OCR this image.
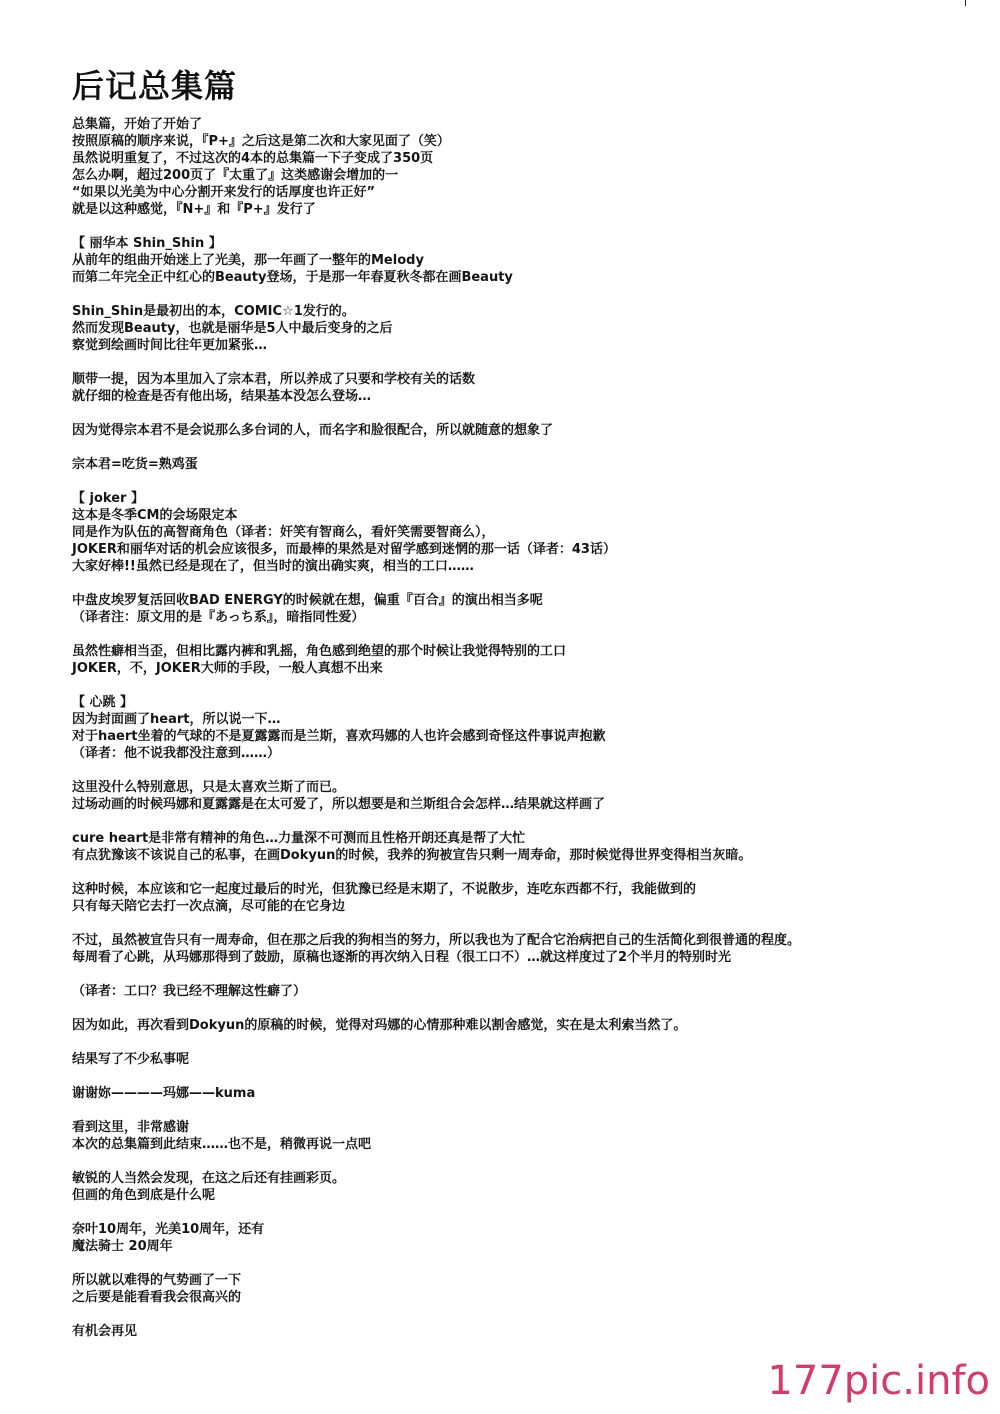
后记总集篇
总集篇，开始了开始了
按照原稿的顺序来说，『P+』之后这是第二次和大家见面了（笑）
虽然说明重复了，不过这次的4本的总集篇一下子变成了350页
怎么办啊，超过200页了『太重了』这类感谢会增加的一
“如果以光美为中心分割开来发行的话厚度也许正好”
就是以这种感觉，『N+』和『P+』发行了
【 丽华本 Shin_Shin 】
从前年的组曲开始迷上了光美，那一年画了一整年的Melody
而第二年完全正中红心的Beauty登场，于是那一年春夏秋冬都在画Beauty
Shin_Shin是最初出的本，COMIC☆1发行的。
然而发现Beauty，也就是丽华是5人中最后变身的之后
察觉到绘画时间比往年更加紧张…
顺带一提，因为本里加入了宗本君，所以养成了只要和学校有关的话数
就仔细的检查是否有他出场，结果基本没怎么登场…
因为觉得宗本君不是会说那么多台词的人，而名字和脸很配合，所以就随意的想象了
宗本君=吃货=熟鸡蛋
【 joker 】
这本是冬季CM的会场限定本
同是作为队伍的高智商角色（译者：奸笑有智商么，看奸笑需要智商么），
JOKER和丽华对话的机会应该很多，而最棒的果然是对留学感到迷惘的那一话（译者：43话）
大家好棒!!虽然已经是现在了，但当时的演出确实爽，相当的工口……
中盘皮埃罗复活回收BAD ENERGY的时候就在想，偏重『百合』的演出相当多呢
（译者注：原文用的是『あっち系』，暗指同性爱）
虽然性癖相当歪，但相比露内裤和乳摇，角色感到绝望的那个时候让我觉得特别的工口
JOKER，不，JOKER大师的手段，一般人真想不出来
【 心跳 】
因为封面画了heart，所以说一下…
对于haert坐着的气球的不是夏露露而是兰斯，喜欢玛娜的人也许会感到奇怪这件事说声抱歉
（译者：他不说我都没注意到……）
这里没什么特别意思，只是太喜欢兰斯了而已。
过场动画的时候玛娜和夏露露是在太可爱了，所以想要是和兰斯组合会怎样…结果就这样画了
cure heart是非常有精神的角色…力量深不可测而且性格开朗还真是帮了大忙
有点犹豫该不该说自己的私事，在画Dokyun的时候，我养的狗被宣告只剩一周寿命，那时候觉得世界变得相当灰暗。
这种时候，本应该和它一起度过最后的时光，但犹豫已经是末期了，不说散步，连吃东西都不行，我能做到的
只有每天陪它去打一次点滴，尽可能的在它身边
不过，虽然被宣告只有一周寿命，但在那之后我的狗相当的努力，所以我也为了配合它治病把自己的生活简化到很普通的程度。
每周看了心跳，从玛娜那得到了鼓励，原稿也逐渐的再次纳入日程（很工口不）…就这样度过了2个半月的特别时光
（译者：工口？我已经不理解这性癖了）
因为如此，再次看到Dokyun的原稿的时候，觉得对玛娜的心情那种难以割舍感觉，实在是太利索当然了。
结果写了不少私事呢
谢谢妳————玛娜——kuma
看到这里，非常感谢
本次的总集篇到此结束……也不是，稍微再说一点吧
敏锐的人当然会发现，在这之后还有挂画彩页。
但画的角色到底是什么呢
奈叶10周年，光美10周年，还有
魔法骑士 20周年
所以就以难得的气势画了一下
之后要是能看看我会很高兴的
有机会再见
177pic.info
